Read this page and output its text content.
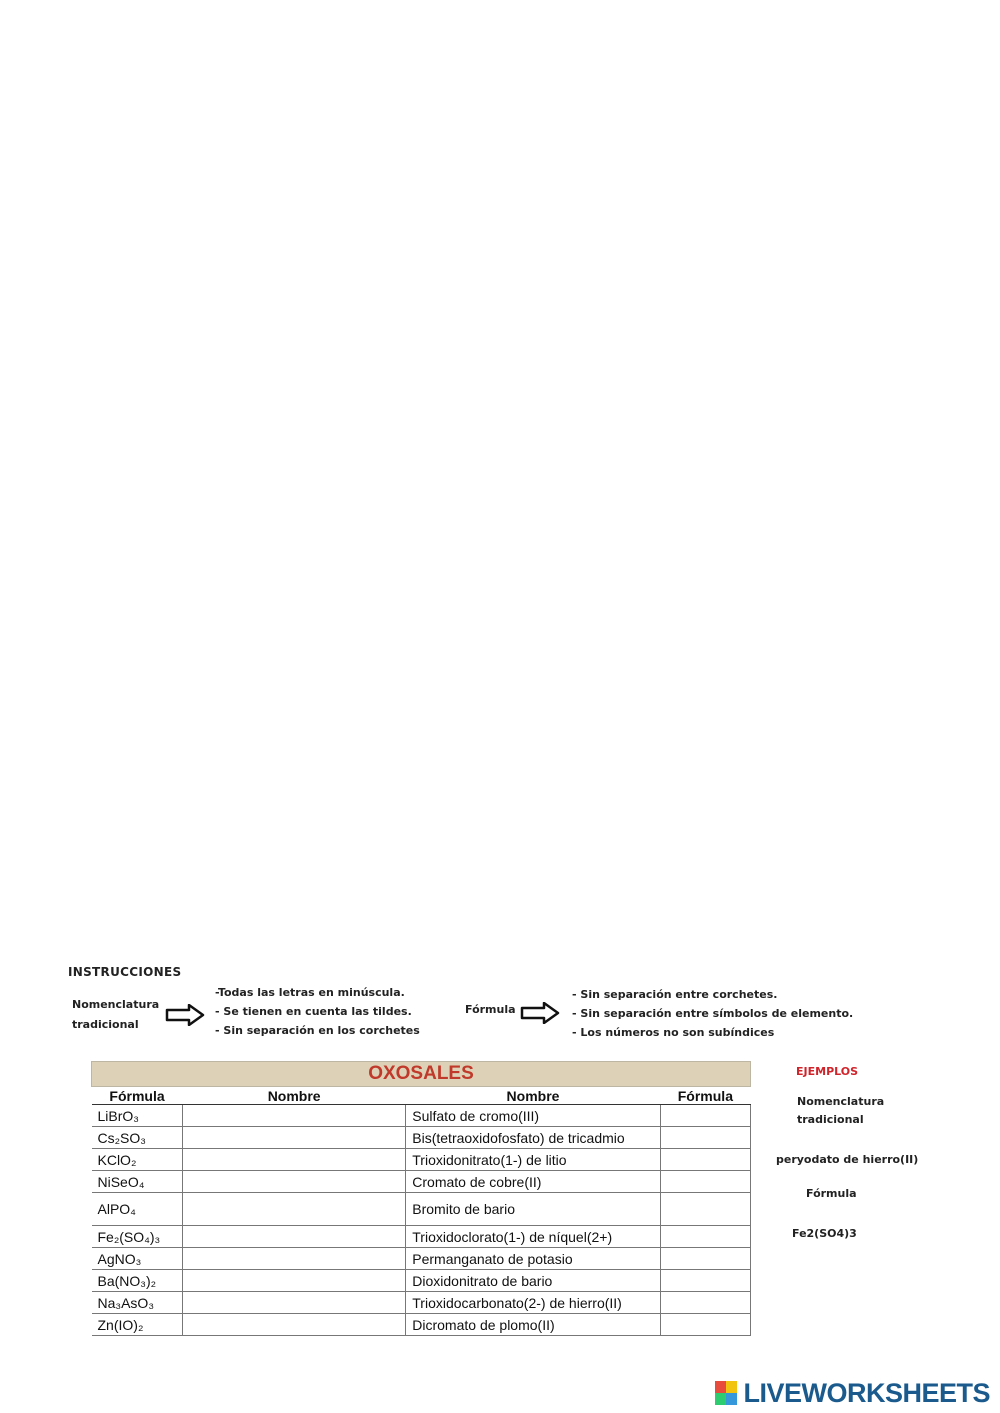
INSTRUCCIONES
Nomenclatura
tradicional
-Todas las letras en minúscula.
- Se tienen en cuenta las tildes.
- Sin separación en los corchetes
Fórmula
- Sin separación entre corchetes.
- Sin separación entre símbolos de elemento.
- Los números no son subíndices
OXOSALES			
Fórmula	Nombre	Nombre	Fórmula
LiBrO₃		Sulfato de cromo(III)	
Cs₂SO₃		Bis(tetraoxidofosfato) de tricadmio	
KClO₂		Trioxidonitrato(1-) de litio	
NiSeO₄		Cromato de cobre(II)	
AlPO₄		Bromito de bario	
Fe₂(SO₄)₃		Trioxidoclorato(1-) de níquel(2+)	
AgNO₃		Permanganato de potasio	
Ba(NO₃)₂		Dioxidonitrato de bario	
Na₃AsO₃		Trioxidocarbonato(2-) de hierro(II)	
Zn(IO)₂		Dicromato de plomo(II)	
EJEMPLOS
Nomenclatura
tradicional
peryodato de hierro(II)
Fórmula
Fe2(SO4)3
LIVEWORKSHEETS
